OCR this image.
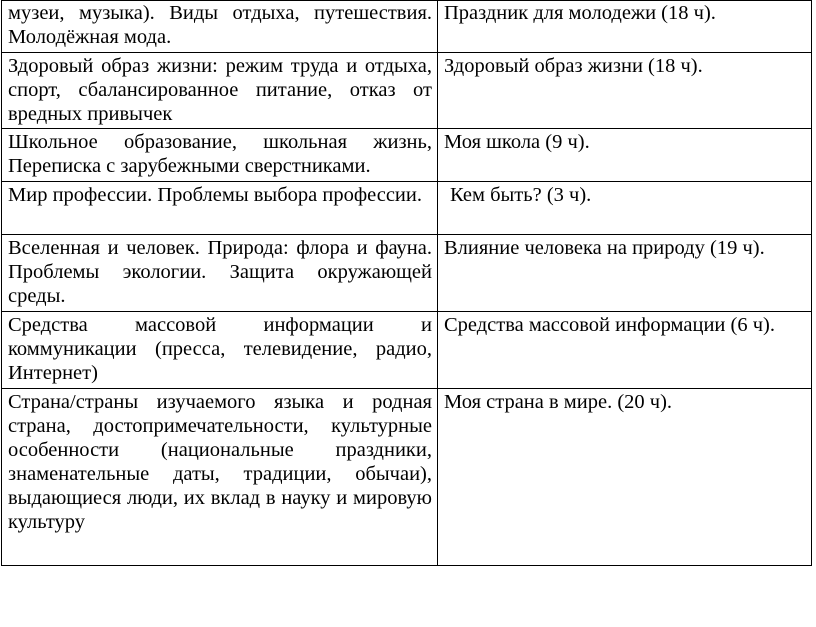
музеи, музыка). Виды отдыха, путешествия. Молодёжная мода.	Праздник для молодежи (18 ч).
Здоровый образ жизни: режим труда и отдыха, спорт, сбалансированное питание, отказ от вредных привычек	Здоровый образ жизни (18 ч).
Школьное образование, школьная жизнь, Переписка с зарубежными сверстниками.	Моя школа (9 ч).
Мир профессии. Проблемы выбора профессии.	Кем быть? (3 ч).
Вселенная и человек. Природа: флора и фауна. Проблемы экологии. Защита окружающей среды.	Влияние человека на природу (19 ч).
Средства массовой информации и коммуникации (пресса, телевидение, радио, Интернет)	Средства массовой информации (6 ч).
Страна/страны изучаемого языка и родная страна, достопримечательности, культурные особенности (национальные праздники, знаменательные даты, традиции, обычаи), выдающиеся люди, их вклад в науку и мировую культуру	Моя страна в мире. (20 ч).
